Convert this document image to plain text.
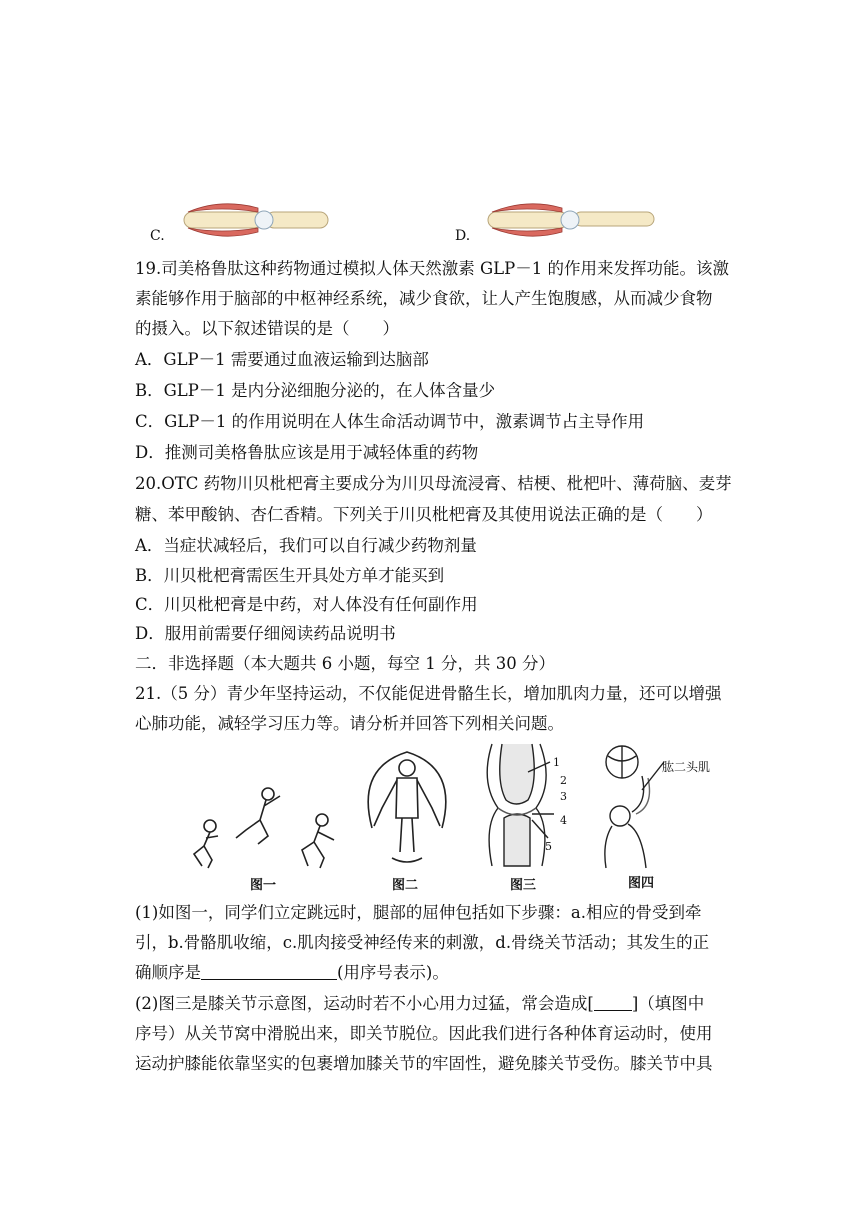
C.	D.
19.司美格鲁肽这种药物通过模拟人体天然激素 GLP－1 的作用来发挥功能。该激
素能够作用于脑部的中枢神经系统，减少食欲，让人产生饱腹感，从而减少食物
的摄入。以下叙述错误的是（　　）
A．GLP－1 需要通过血液运输到达脑部
B．GLP－1 是内分泌细胞分泌的，在人体含量少
C．GLP－1 的作用说明在人体生命活动调节中，激素调节占主导作用
D．推测司美格鲁肽应该是用于减轻体重的药物
20.OTC 药物川贝枇杷膏主要成分为川贝母流浸膏、桔梗、枇杷叶、薄荷脑、麦芽
糖、苯甲酸钠、杏仁香精。下列关于川贝枇杷膏及其使用说法正确的是（　　）
A．当症状减轻后，我们可以自行减少药物剂量
B．川贝枇杷膏需医生开具处方单才能买到
C．川贝枇杷膏是中药，对人体没有任何副作用
D．服用前需要仔细阅读药品说明书
二．非选择题（本大题共 6 小题，每空 1 分，共 30 分）
21.（5 分）青少年坚持运动，不仅能促进骨骼生长，增加肌肉力量，还可以增强
心肺功能，减轻学习压力等。请分析并回答下列相关问题。
图一	图二
1
2
3
4
5
图三
肱二头肌
图四
(1)如图一，同学们立定跳远时，腿部的屈伸包括如下步骤：a.相应的骨受到牵
引，b.骨骼肌收缩，c.肌肉接受神经传来的刺激，d.骨绕关节活动；其发生的正
确顺序是	(用序号表示)。
(2)图三是膝关节示意图，运动时若不小心用力过猛，常会造成[ ]（填图中
序号）从关节窝中滑脱出来，即关节脱位。因此我们进行各种体育运动时，使用
运动护膝能依靠坚实的包裹增加膝关节的牢固性，避免膝关节受伤。膝关节中具
